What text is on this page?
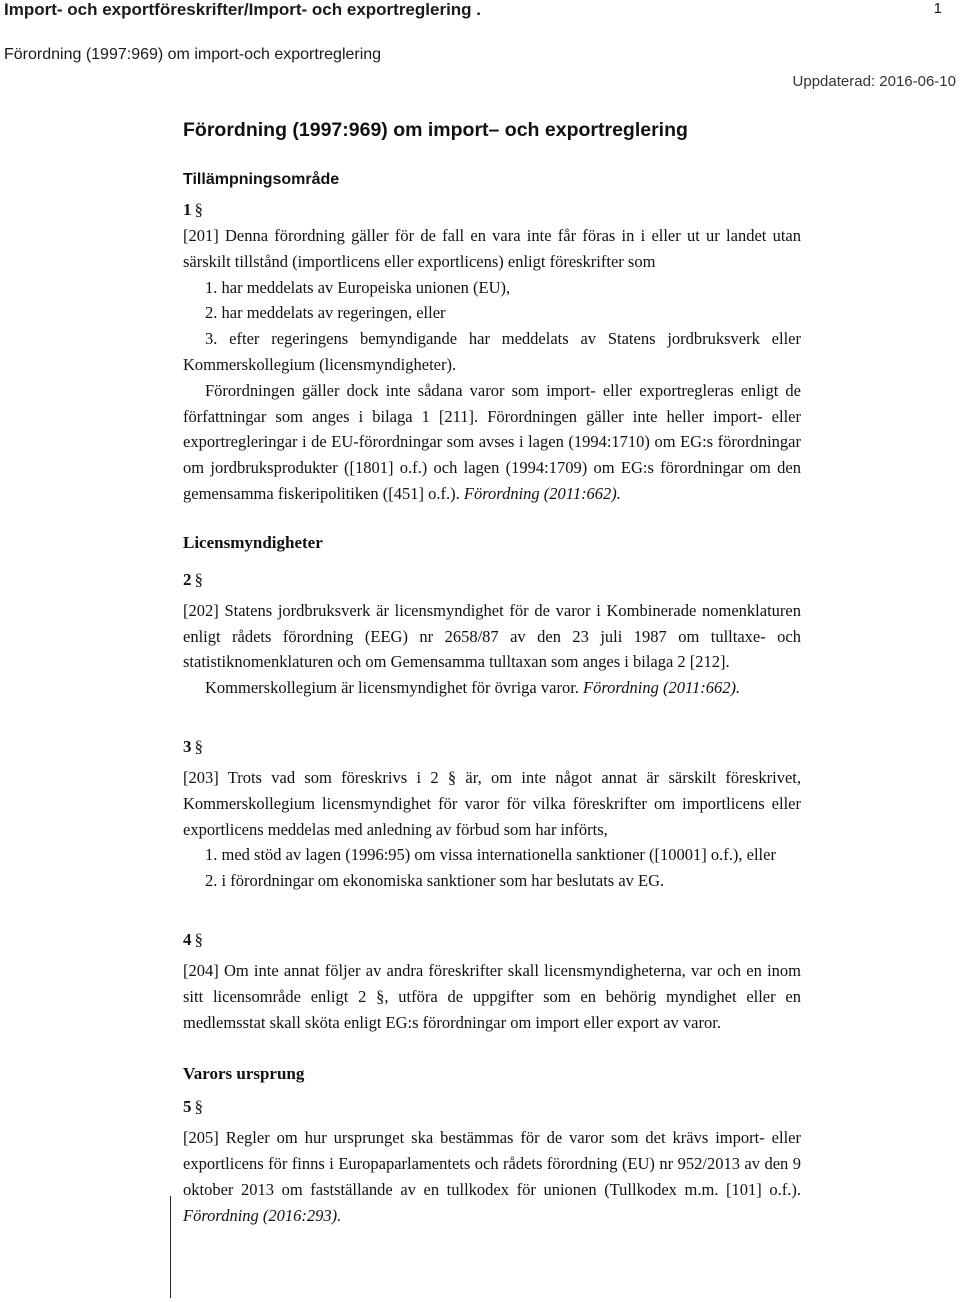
Import- och exportföreskrifter/Import- och exportreglering .	1
Förordning (1997:969) om import-och exportreglering
Uppdaterad: 2016-06-10
Förordning (1997:969) om import– och exportreglering
Tillämpningsområde
1 §

[201] Denna förordning gäller för de fall en vara inte får föras in i eller ut ur landet utan särskilt tillstånd (importlicens eller exportlicens) enligt föreskrifter som

1. har meddelats av Europeiska unionen (EU),

2. har meddelats av regeringen, eller

3. efter regeringens bemyndigande har meddelats av Statens jordbruksverk eller Kommerskollegium (licensmyndigheter).

Förordningen gäller dock inte sådana varor som import- eller exportregleras enligt de författningar som anges i bilaga 1 [211]. Förordningen gäller inte heller import- eller exportregleringar i de EU-förordningar som avses i lagen (1994:1710) om EG:s förordningar om jordbruksprodukter ([1801] o.f.) och lagen (1994:1709) om EG:s förordningar om den gemensamma fiskeripolitiken ([451] o.f.). Förordning (2011:662).

Licensmyndigheter
2 §

[202] Statens jordbruksverk är licensmyndighet för de varor i Kombinerade nomenklaturen enligt rådets förordning (EEG) nr 2658/87 av den 23 juli 1987 om tulltaxe- och statistiknomenklaturen och om Gemensamma tulltaxan som anges i bilaga 2 [212].

Kommerskollegium är licensmyndighet för övriga varor. Förordning (2011:662).

3 §

[203] Trots vad som föreskrivs i 2 § är, om inte något annat är särskilt föreskrivet, Kommerskollegium licensmyndighet för varor för vilka föreskrifter om importlicens eller exportlicens meddelas med anledning av förbud som har införts,

1. med stöd av lagen (1996:95) om vissa internationella sanktioner ([10001] o.f.), eller

2. i förordningar om ekonomiska sanktioner som har beslutats av EG.

4 §

[204] Om inte annat följer av andra föreskrifter skall licensmyndigheterna, var och en inom sitt licensområde enligt 2 §, utföra de uppgifter som en behörig myndighet eller en medlemsstat skall sköta enligt EG:s förordningar om import eller export av varor.

Varors ursprung
5 §

[205] Regler om hur ursprunget ska bestämmas för de varor som det krävs import- eller exportlicens för finns i Europaparlamentets och rådets förordning (EU) nr 952/2013 av den 9 oktober 2013 om fastställande av en tullkodex för unionen (Tullkodex m.m. [101] o.f.). Förordning (2016:293).
